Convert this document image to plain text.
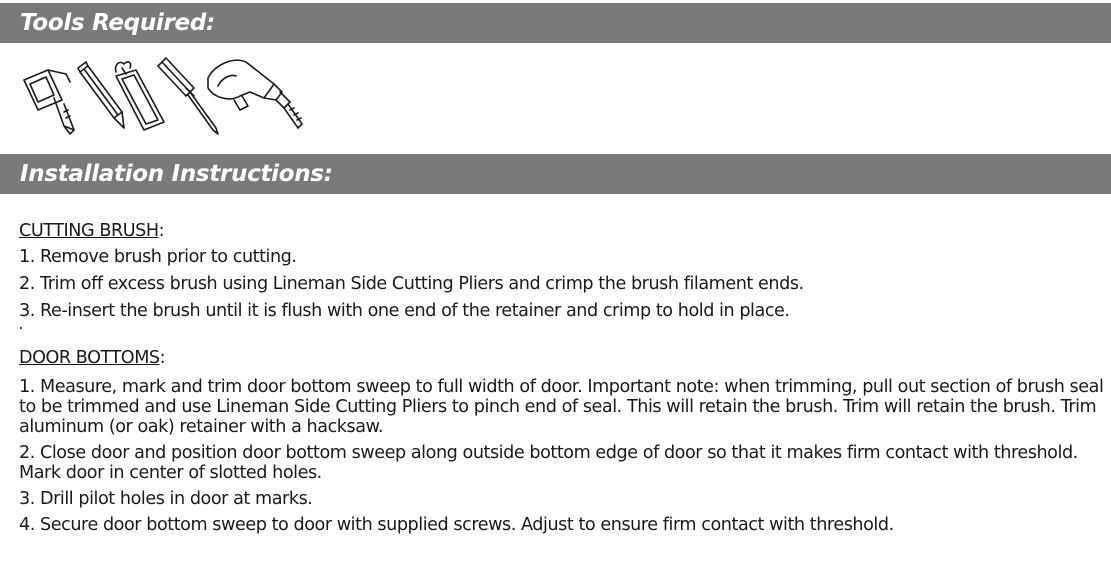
Tools Required:
Installation Instructions:
CUTTING BRUSH:
1. Remove brush prior to cutting.
2. Trim off excess brush using Lineman Side Cutting Pliers and crimp the brush filament ends.
3. Re-insert the brush until it is flush with one end of the retainer and crimp to hold in place.
DOOR BOTTOMS:
1. Measure, mark and trim door bottom sweep to full width of door. Important note: when trimming, pull out section of brush seal to be trimmed and use Lineman Side Cutting Pliers to pinch end of seal. This will retain the brush. Trim will retain the brush. Trim aluminum (or oak) retainer with a hacksaw.
2. Close door and position door bottom sweep along outside bottom edge of door so that it makes firm contact with threshold. Mark door in center of slotted holes.
3. Drill pilot holes in door at marks.
4. Secure door bottom sweep to door with supplied screws. Adjust to ensure firm contact with threshold.
